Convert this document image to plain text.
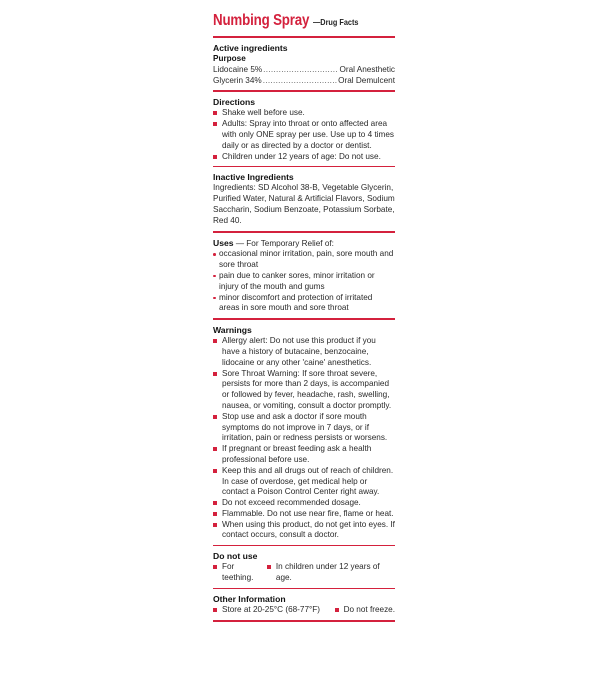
Numbing Spray —Drug Facts
Active ingredients
Purpose
Lidocaine 5% .....	Oral Anesthetic
Glycerin 34% .....	Oral Demulcent
Directions
Shake well before use.
Adults: Spray into throat or onto affected area with only ONE spray per use. Use up to 4 times daily or as directed by a doctor or dentist.
Children under 12 years of age: Do not use.
Inactive Ingredients
Ingredients: SD Alcohol 38-B, Vegetable Glycerin, Purified Water, Natural & Artificial Flavors, Sodium Saccharin, Sodium Benzoate, Potassium Sorbate, Red 40.
Uses — For Temporary Relief of:
occasional minor irritation, pain, sore mouth and sore throat
pain due to canker sores, minor irritation or injury of the mouth and gums
minor discomfort and protection of irritated areas in sore mouth and sore throat
Warnings
Allergy alert: Do not use this product if you have a history of butacaine, benzocaine, lidocaine or any other 'caine' anesthetics.
Sore Throat Warning: If sore throat severe, persists for more than 2 days, is accompanied or followed by fever, headache, rash, swelling, nausea, or vomiting, consult a doctor promptly.
Stop use and ask a doctor if sore mouth symptoms do not improve in 7 days, or if irritation, pain or redness persists or worsens.
If pregnant or breast feeding ask a health professional before use.
Keep this and all drugs out of reach of children. In case of overdose, get medical help or contact a Poison Control Center right away.
Do not exceed recommended dosage.
Flammable. Do not use near fire, flame or heat.
When using this product, do not get into eyes. If contact occurs, consult a doctor.
Do not use
For teething.
In children under 12 years of age.
Other Information
Store at 20-25°C (68-77°F)	Do not freeze.
